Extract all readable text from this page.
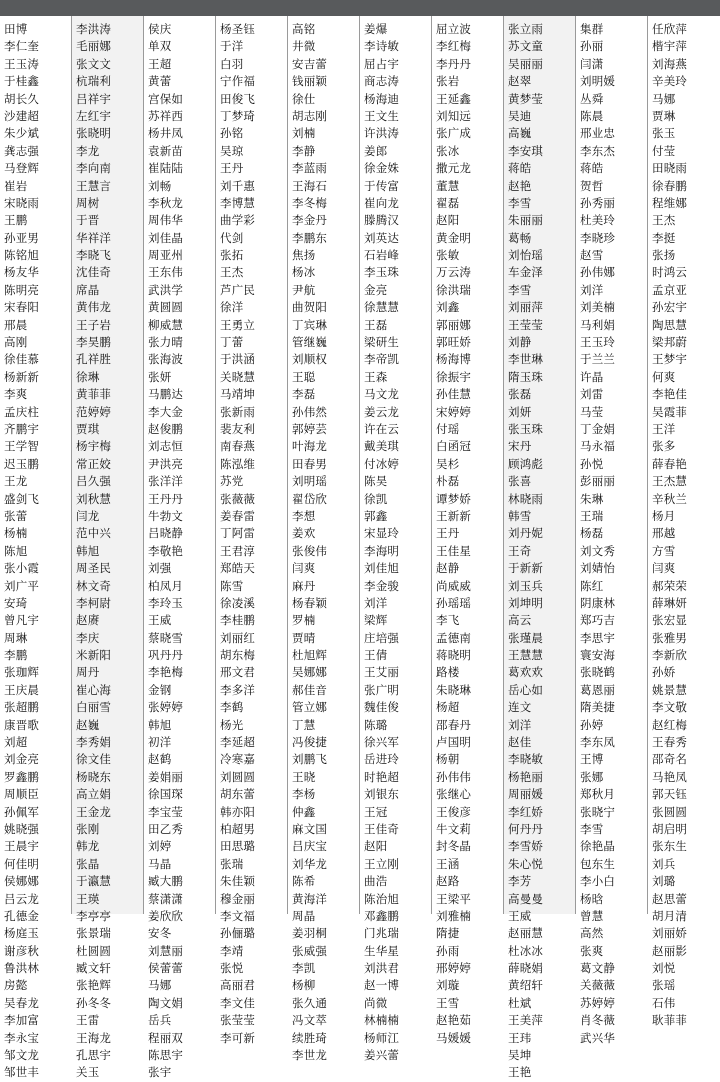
田博
李仁奎
王玉涛
于桂鑫
胡长久
沙建超
朱少斌
龚志强
马登辉
崔岩
宋晓雨
王鹏
孙亚男
陈铭旭
杨友华
陈明亮
宋春阳
邢晨
高刚
徐佳慕
杨新新
李爽
孟庆柱
齐鹏宇
王学智
迟玉鹏
王龙
盛剑飞
张蕾
杨楠
陈旭
张小霞
刘广平
安琦
曾凡宇
周琳
李鹏
张珈辉
王庆晨
张超鹏
康晋歌
刘超
刘金亮
罗鑫鹏
周顺臣
孙佩军
姚晓强
王晨宇
何佳明
侯娜娜
吕云龙
孔德金
杨庭玉
谢彦秋
鲁洪林
房懿
吴春龙
李加富
李永宝
邹文龙
邹世丰
李洪涛
毛丽娜
张文文
杭瑞利
吕祥宇
左红宇
张晓明
李龙
李向南
王慧言
周树
于晋
华祥洋
李晓飞
沈佳奇
席晶
黄伟龙
王子岩
李昊鹏
孔祥胜
徐琳
黄菲菲
范婷婷
贾琪
杨宇梅
常正姣
吕久强
刘秋慧
闫龙
范中兴
韩旭
周圣民
林文奇
李柯尉
赵赓
李庆
米新阳
周丹
崔心海
白丽雪
赵巍
李秀娟
徐文佳
杨晓东
高立娟
王金龙
张刚
韩龙
张晶
于瀛慧
王瑛
李亭亭
张景瑞
杜圆圆
臧文轩
张艳辉
孙冬冬
王雷
王海龙
孔思宇
关玉
侯庆
单双
王超
黄蕾
宫保如
苏祥西
杨井凤
袁新苗
崔陆陆
刘畅
李秋龙
周伟华
刘佳晶
周亚州
王东伟
武洪学
黄圆圆
柳威慧
张力晴
张海波
张妍
马鹏达
李大金
赵俊鹏
刘志恒
尹洪亮
张洋洋
王丹丹
牛勃文
吕晓静
李敬艳
刘强
柏凤月
李玲玉
王威
蔡晓雪
巩丹丹
李艳梅
金钢
张婷婷
韩旭
初洋
赵鹤
姜娟丽
徐国琛
李宝莹
田乙秀
刘婷
马晶
臧大鹏
蔡潇潇
姜欣欣
安冬
刘慧丽
侯蕾蕾
马娜
陶文娟
岳兵
程丽双
陈思宇
张宇
杨圣钰
于洋
白羽
宁作福
田俊飞
丁梦琦
孙铭
吴琼
王丹
刘千惠
李博慧
曲学彩
代剑
张拓
王杰
芦广民
徐洋
王勇立
丁蕾
于洪涵
关晓慧
马靖坤
张新雨
裴友利
南春燕
陈泓维
苏党
张薇薇
姜春雷
丁阿雷
王君淳
郑皓天
陈雪
徐凌溪
李桂鹏
刘丽红
胡东梅
邢文君
李多洋
李鹤
杨光
李延超
冷寒嘉
刘圆圆
胡东蕾
韩亦阳
柏超男
田思璐
张瑞
朱佳颖
穆金丽
李文福
孙俪璐
李靖
张悦
高丽君
李文佳
张莹莹
李可新
高铭
井微
安吉蕾
钱丽颖
徐仕
胡志刚
刘楠
李静
李蓝雨
王海石
李冬梅
李金丹
李鹏东
焦扬
杨冰
尹航
曲贺阳
丁宾琳
管继巍
刘顺权
王聪
李磊
孙伟然
郭婷芸
叶海龙
田春男
刘明瑶
翟岱欣
李想
姜欢
张俊伟
闫爽
麻丹
杨春颖
罗楠
贾晴
杜旭辉
吴娜娜
郝佳音
管立娜
丁慧
冯俊捷
刘鹏飞
王晓
李杨
仲鑫
麻文国
吕庆宝
刘华龙
陈希
黄海洋
周晶
姜羽桐
张威强
李凯
杨柳
张久通
冯文萃
续胜琦
李世龙
姜爆
李诗敏
屈占宇
商志涛
杨海迪
王文生
许洪涛
姜郎
徐金姝
于传富
崔向龙
滕腾汉
刘英达
石岩峰
李玉珠
金亮
徐慧慧
王磊
梁研生
李帝凯
王森
马文龙
姜云龙
许在云
戴美琪
付冰婷
陈昊
徐凯
郭鑫
宋显玲
李海明
刘佳旭
李金骏
刘洋
梁辉
庄培强
王倩
王艾丽
张广明
魏佳俊
陈璐
徐兴军
岳进玲
时艳超
刘银东
王冠
王佳奇
赵阳
王立刚
曲浩
陈治旭
邓鑫鹏
门兆瑞
生华星
刘洪君
赵一博
尚微
林楠楠
杨师江
姜兴蕾
屈立波
李红梅
李丹丹
张岩
王延鑫
刘知远
张广成
张冰
撒元龙
董慧
翟磊
赵阳
黄金明
张敏
万云涛
徐洪瑞
刘鑫
郭丽娜
郭旺娇
杨海博
徐振宇
孙佳慧
宋婷婷
付瑶
白函冠
吴杉
朴磊
谭梦娇
王新新
王丹
王佳星
赵静
尚威威
孙瑶瑶
李飞
孟德南
蒋晓明
路楼
朱晓琳
杨超
邵春丹
卢国明
杨朝
孙伟伟
张继心
王俊彦
牛文莉
封冬晶
王涵
赵路
王梁平
刘雅楠
隋捷
孙雨
邢婷婷
刘璇
王雪
赵艳茹
马媛媛
张立雨
苏文童
吴丽丽
赵翠
黄梦莹
吴迪
高巍
李安琪
蒋皓
赵艳
李雪
朱丽丽
葛畅
刘怡瑶
车金泽
李雪
刘丽萍
王莹莹
刘静
李世琳
隋玉珠
张磊
刘妍
张玉珠
宋丹
顾鸿彪
张喜
林晓雨
韩雪
刘丹妮
王奇
于新新
刘玉兵
刘坤明
高云
张瑾晨
王慧慧
葛欢欢
岳心如
连文
刘洋
赵佳
李晓敏
杨艳丽
周丽媛
李红娇
何丹丹
李雪娇
朱心悦
李芳
高曼曼
王威
赵丽慧
杜冰冰
薛晓娟
黄绍轩
杜斌
王美萍
王玮
吴坤
王艳
集群
孙丽
闫潇
刘明媛
丛舜
陈晨
邢业忠
李东杰
蒋皓
贺哲
孙秀丽
杜美玲
李晓珍
赵雪
孙伟娜
刘洋
刘美楠
马利娟
王玉玲
于兰兰
许晶
刘雷
马莹
丁金娟
马永福
孙悦
彭丽丽
朱琳
王瑞
杨磊
刘文秀
刘婧怡
陈红
阴康林
郑巧吉
李思宇
寰安海
张晓鹤
葛恩丽
隋美捷
孙婷
李东凤
王博
张娜
郑秋月
张晓宁
李雪
徐艳晶
包东生
李小白
杨晗
曾慧
高然
张爽
葛文静
关薇薇
苏婷婷
肖冬薇
武兴华
任欣萍
楷宇萍
刘海燕
辛美玲
马娜
贾琳
张玉
付莹
田晓雨
徐春鹏
程维娜
王杰
李挺
张扬
时鸿云
孟京亚
孙宏宇
陶思慧
梁邦蔚
王梦宇
何爽
李艳佳
吴霞菲
王洋
张多
薛春艳
王杰慧
辛秋兰
杨月
邢越
方雪
闫爽
郝荣荣
薛琳妍
张宏显
张雅男
李新欣
孙娇
姚景慧
李文敬
赵红梅
王春秀
邵奇名
马艳凤
郭天钰
张圆圆
胡启明
张东生
刘兵
刘璐
赵思蕾
胡月清
刘丽娇
赵丽影
刘悦
张瑶
石伟
耿菲菲
